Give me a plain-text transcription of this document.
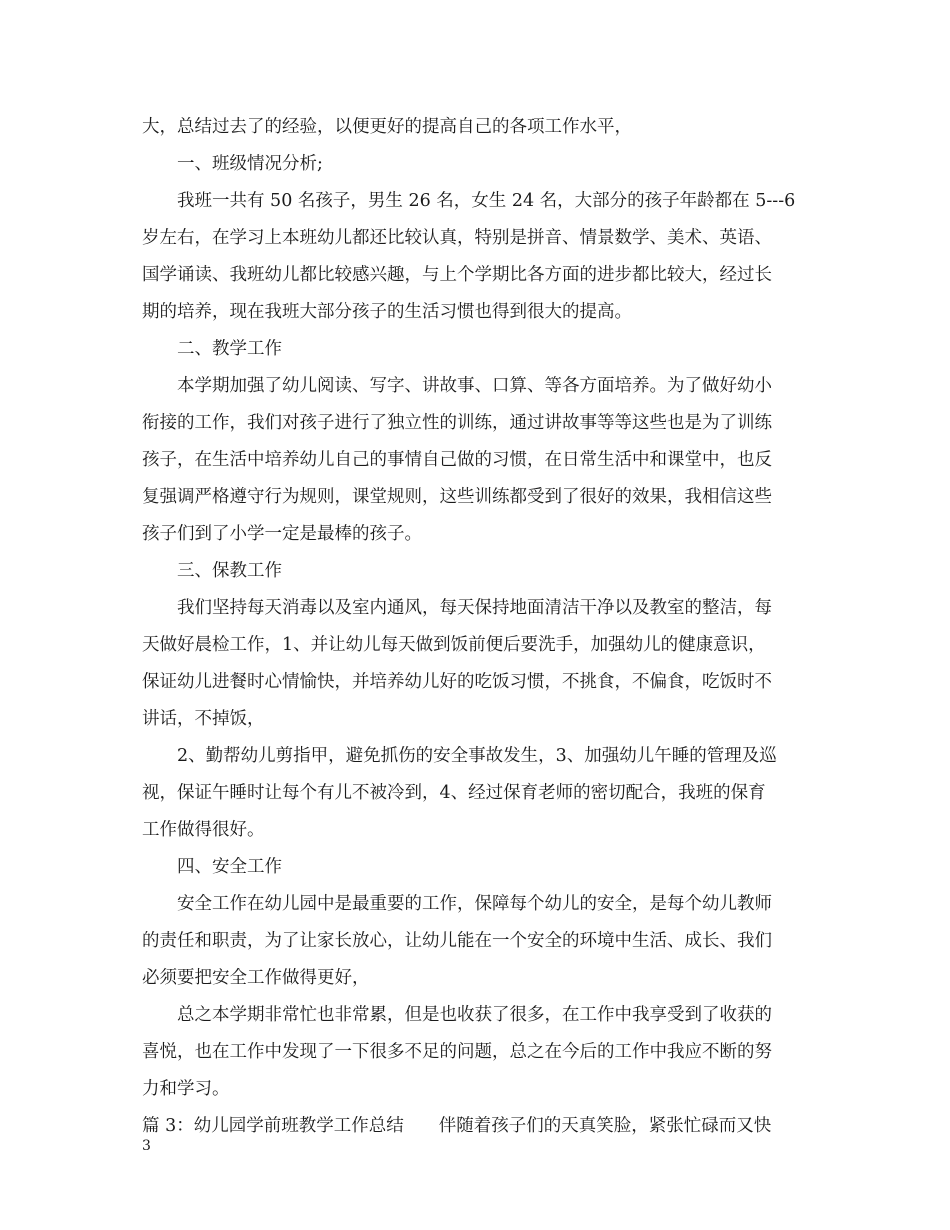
大，总结过去了的经验，以便更好的提高自己的各项工作水平，
一、班级情况分析;
我班一共有 50 名孩子，男生 26 名，女生 24 名，大部分的孩子年龄都在 5---6
岁左右，在学习上本班幼儿都还比较认真，特别是拼音、情景数学、美术、英语、
国学诵读、我班幼儿都比较感兴趣，与上个学期比各方面的进步都比较大，经过长
期的培养，现在我班大部分孩子的生活习惯也得到很大的提高。
二、教学工作
本学期加强了幼儿阅读、写字、讲故事、口算、等各方面培养。为了做好幼小
衔接的工作，我们对孩子进行了独立性的训练，通过讲故事等等这些也是为了训练
孩子，在生活中培养幼儿自己的事情自己做的习惯，在日常生活中和课堂中，也反
复强调严格遵守行为规则，课堂规则，这些训练都受到了很好的效果，我相信这些
孩子们到了小学一定是最棒的孩子。
三、保教工作
我们坚持每天消毒以及室内通风，每天保持地面清洁干净以及教室的整洁，每
天做好晨检工作，1、并让幼儿每天做到饭前便后要洗手，加强幼儿的健康意识，
保证幼儿进餐时心情愉快，并培养幼儿好的吃饭习惯，不挑食，不偏食，吃饭时不
讲话，不掉饭，
2、勤帮幼儿剪指甲，避免抓伤的安全事故发生，3、加强幼儿午睡的管理及巡
视，保证午睡时让每个有儿不被冷到，4、经过保育老师的密切配合，我班的保育
工作做得很好。
四、安全工作
安全工作在幼儿园中是最重要的工作，保障每个幼儿的安全，是每个幼儿教师
的责任和职责，为了让家长放心，让幼儿能在一个安全的环境中生活、成长、我们
必须要把安全工作做得更好，
总之本学期非常忙也非常累，但是也收获了很多，在工作中我享受到了收获的
喜悦，也在工作中发现了一下很多不足的问题，总之在今后的工作中我应不断的努
力和学习。
篇 3：幼儿园学前班教学工作总结　　伴随着孩子们的天真笑脸，紧张忙碌而又快
3
